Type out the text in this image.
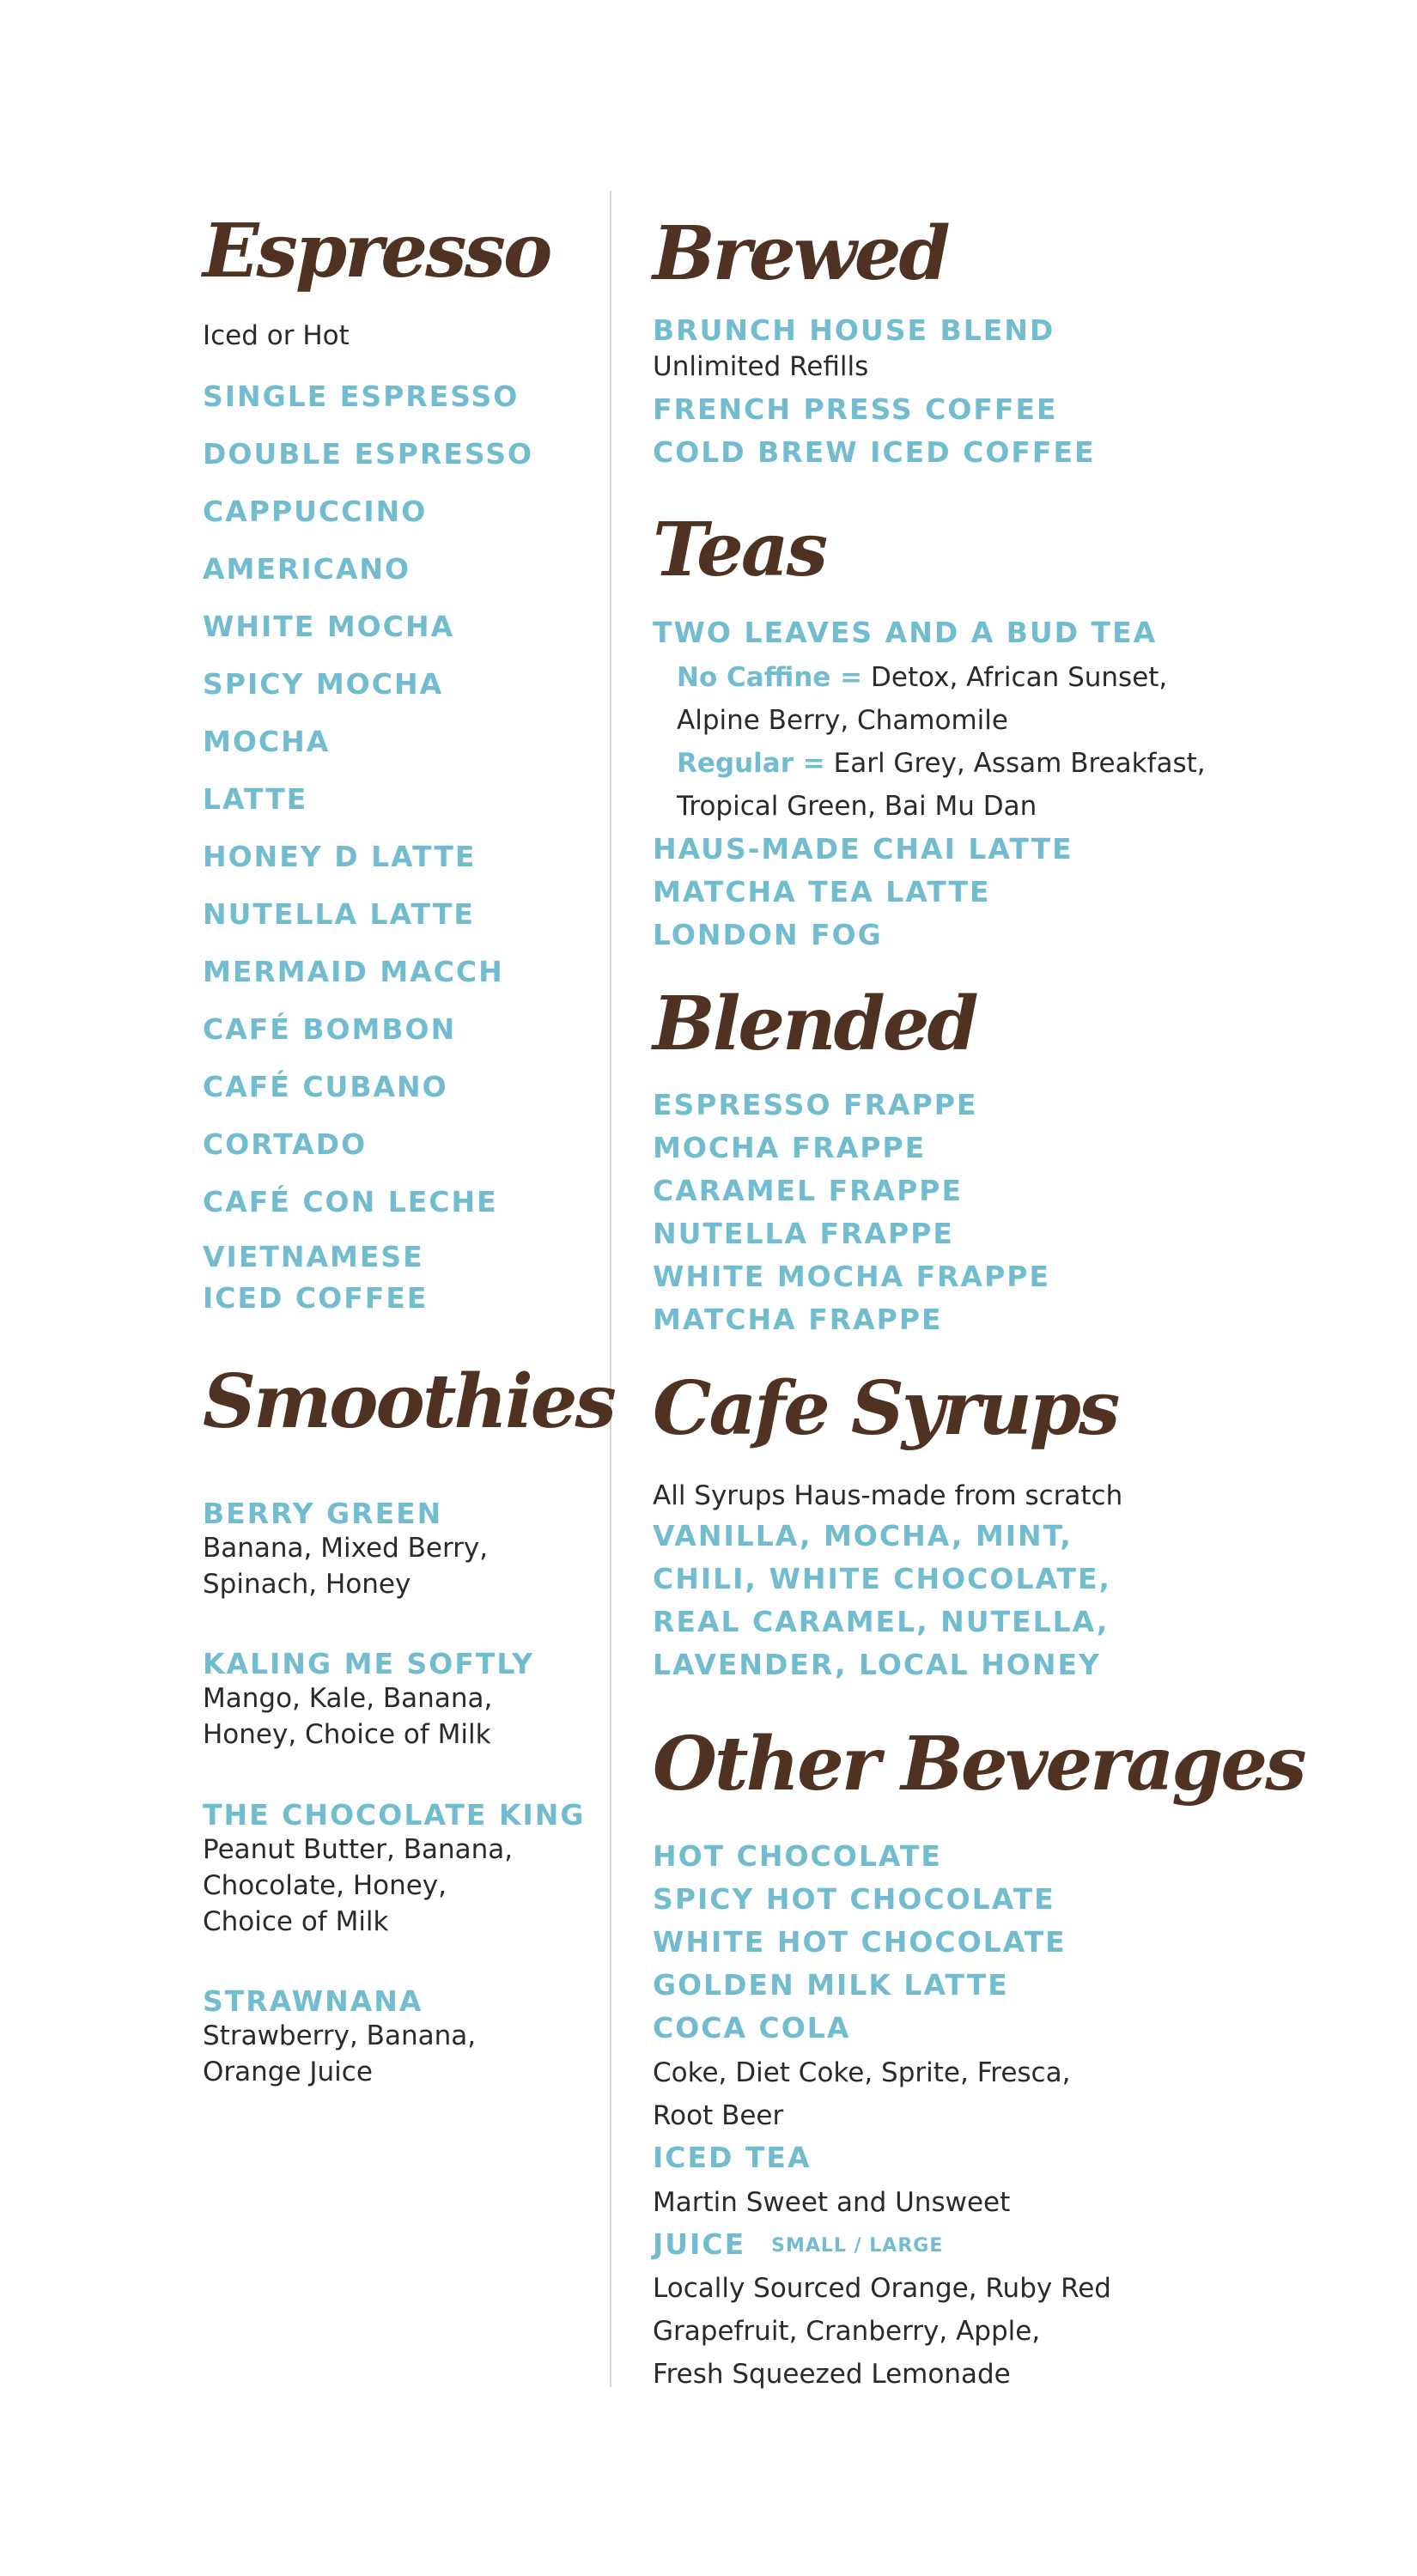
Espresso

Iced or Hot

SINGLE ESPRESSO

DOUBLE ESPRESSO

CAPPUCCINO

AMERICANO

WHITE MOCHA

SPICY MOCHA

MOCHA

LATTE

HONEY D LATTE

NUTELLA LATTE

MERMAID MACCH

CAFÉ BOMBON

CAFÉ CUBANO

CORTADO

CAFÉ CON LECHE

VIETNAMESE ICED COFFEE

Smoothies

BERRY GREEN

Banana, Mixed Berry,

Spinach, Honey

KALING ME SOFTLY

Mango, Kale, Banana,

Honey, Choice of Milk

THE CHOCOLATE KING

Peanut Butter, Banana,

Chocolate, Honey,

Choice of Milk

STRAWNANA

Strawberry, Banana,

Orange Juice

Brewed

BRUNCH HOUSE BLEND

Unlimited Refills

FRENCH PRESS COFFEE

COLD BREW ICED COFFEE

Teas

TWO LEAVES AND A BUD TEA

No Caffine = Detox, African Sunset,

Alpine Berry, Chamomile

Regular = Earl Grey, Assam Breakfast,

Tropical Green, Bai Mu Dan

HAUS-MADE CHAI LATTE

MATCHA TEA LATTE

LONDON FOG

Blended

ESPRESSO FRAPPE

MOCHA FRAPPE

CARAMEL FRAPPE

NUTELLA FRAPPE

WHITE MOCHA FRAPPE

MATCHA FRAPPE

Cafe Syrups

All Syrups Haus-made from scratch

VANILLA, MOCHA, MINT,

CHILI, WHITE CHOCOLATE,

REAL CARAMEL, NUTELLA,

LAVENDER, LOCAL HONEY

Other Beverages

HOT CHOCOLATE

SPICY HOT CHOCOLATE

WHITE HOT CHOCOLATE

GOLDEN MILK LATTE

COCA COLA

Coke, Diet Coke, Sprite, Fresca,

Root Beer

ICED TEA

Martin Sweet and Unsweet

JUICE SMALL / LARGE

Locally Sourced Orange, Ruby Red

Grapefruit, Cranberry, Apple,

Fresh Squeezed Lemonade
